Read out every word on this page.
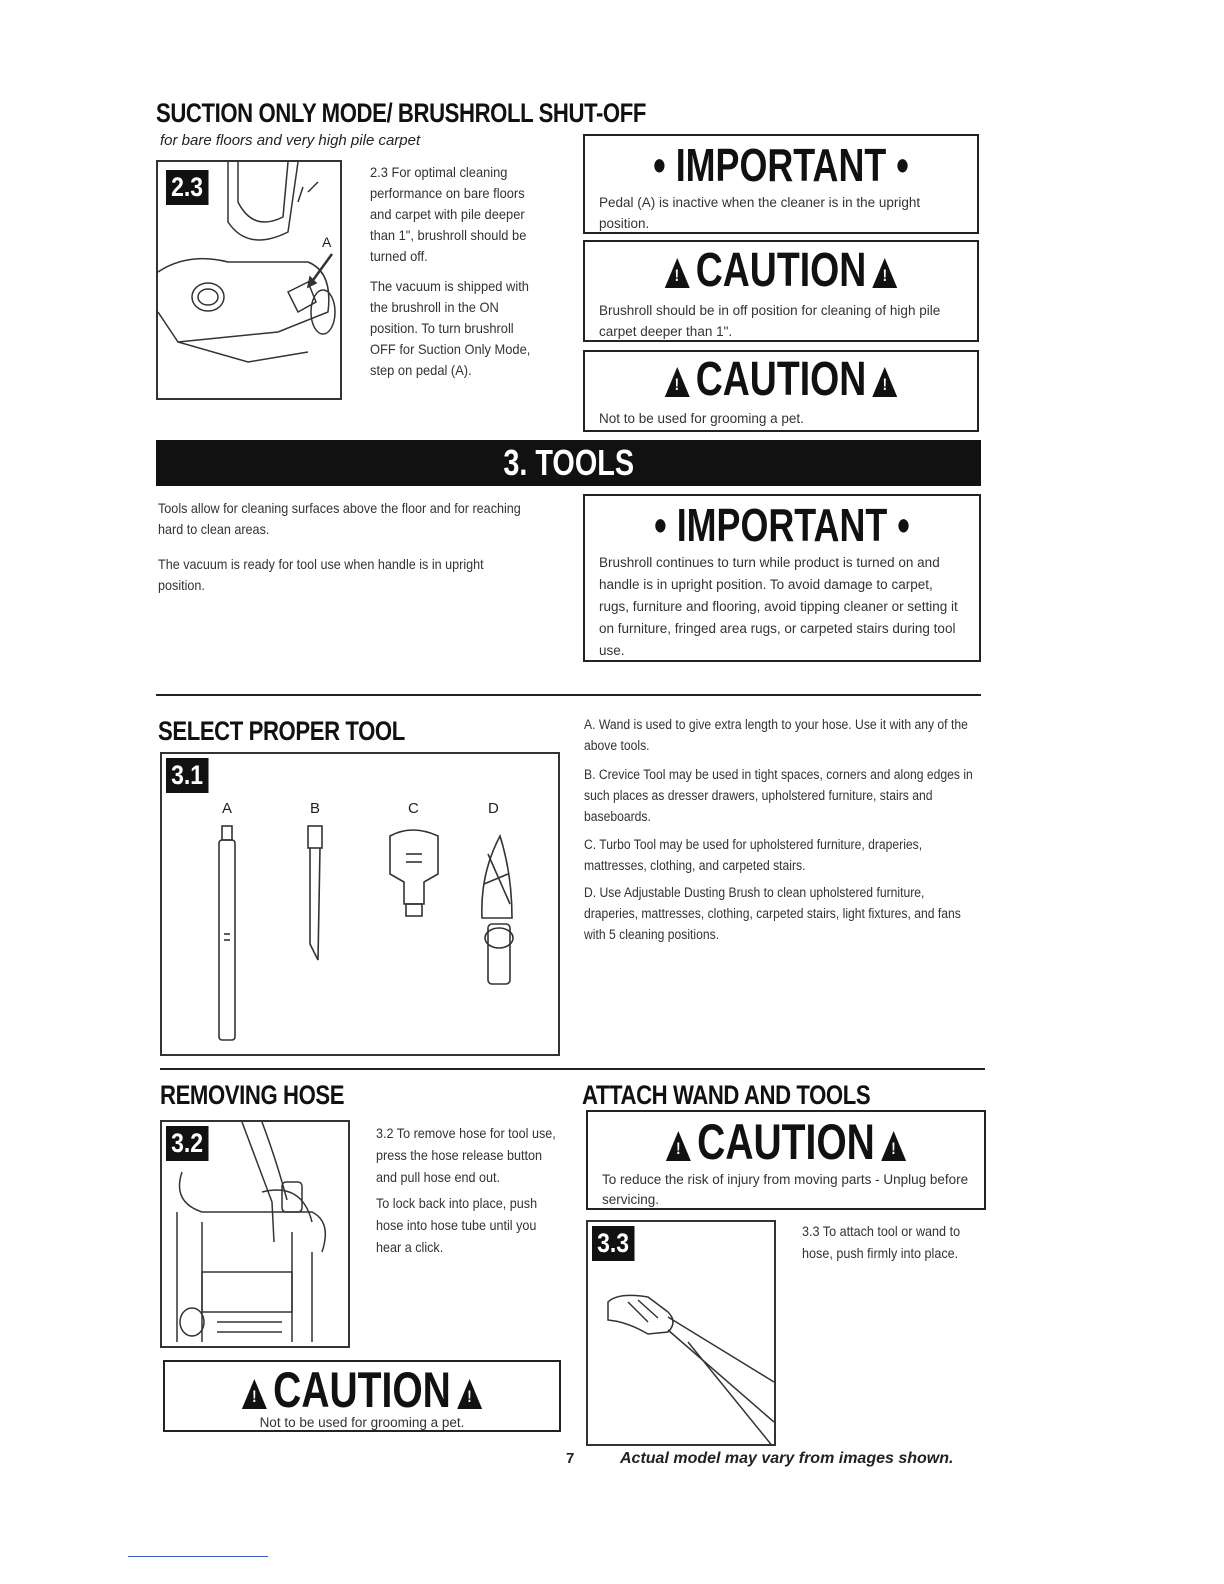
SUCTION ONLY MODE/ BRUSHROLL SHUT-OFF
for bare floors and very high pile carpet
2.3
A
2.3 For optimal cleaning performance on bare floors and carpet with pile deeper than 1", brushroll should be turned off.
The vacuum is shipped with the brushroll in the ON position. To turn brushroll OFF for Suction Only Mode, step on pedal (A).
• IMPORTANT •
Pedal (A) is inactive when the cleaner is in the upright position.
!CAUTION!
Brushroll should be in off position for cleaning of high pile carpet deeper than 1".
!CAUTION!
Not to be used for grooming a pet.
3. TOOLS
Tools allow for cleaning surfaces above the floor and for reaching hard to clean areas.
The vacuum is ready for tool use when handle is in upright position.
• IMPORTANT •
Brushroll continues to turn while product is turned on and handle is in upright position. To avoid damage to carpet, rugs, furniture and flooring, avoid tipping cleaner or setting it on furniture, fringed area rugs, or carpeted stairs during tool use.
SELECT PROPER TOOL
3.1
A	B	C	D
A. Wand is used to give extra length to your hose. Use it with any of the above tools.
B. Crevice Tool may be used in tight spaces, corners and along edges in such places as dresser drawers, upholstered furniture, stairs and baseboards.
C. Turbo Tool may be used for upholstered furniture, draperies, mattresses, clothing, and carpeted stairs.
D. Use Adjustable Dusting Brush to clean upholstered furniture, draperies, mattresses, clothing, carpeted stairs, light fixtures, and fans with 5 cleaning positions.
REMOVING HOSE
3.2	3.2 To remove hose for tool use, press the hose release button and pull hose end out.
To lock back into place, push hose into hose tube until you hear a click.
!CAUTION!
Not to be used for grooming a pet.
ATTACH WAND AND TOOLS
!CAUTION!
To reduce the risk of injury from moving parts - Unplug before servicing.
3.3	3.3 To attach tool or wand to hose, push firmly into place.
7	Actual model may vary from images shown.
